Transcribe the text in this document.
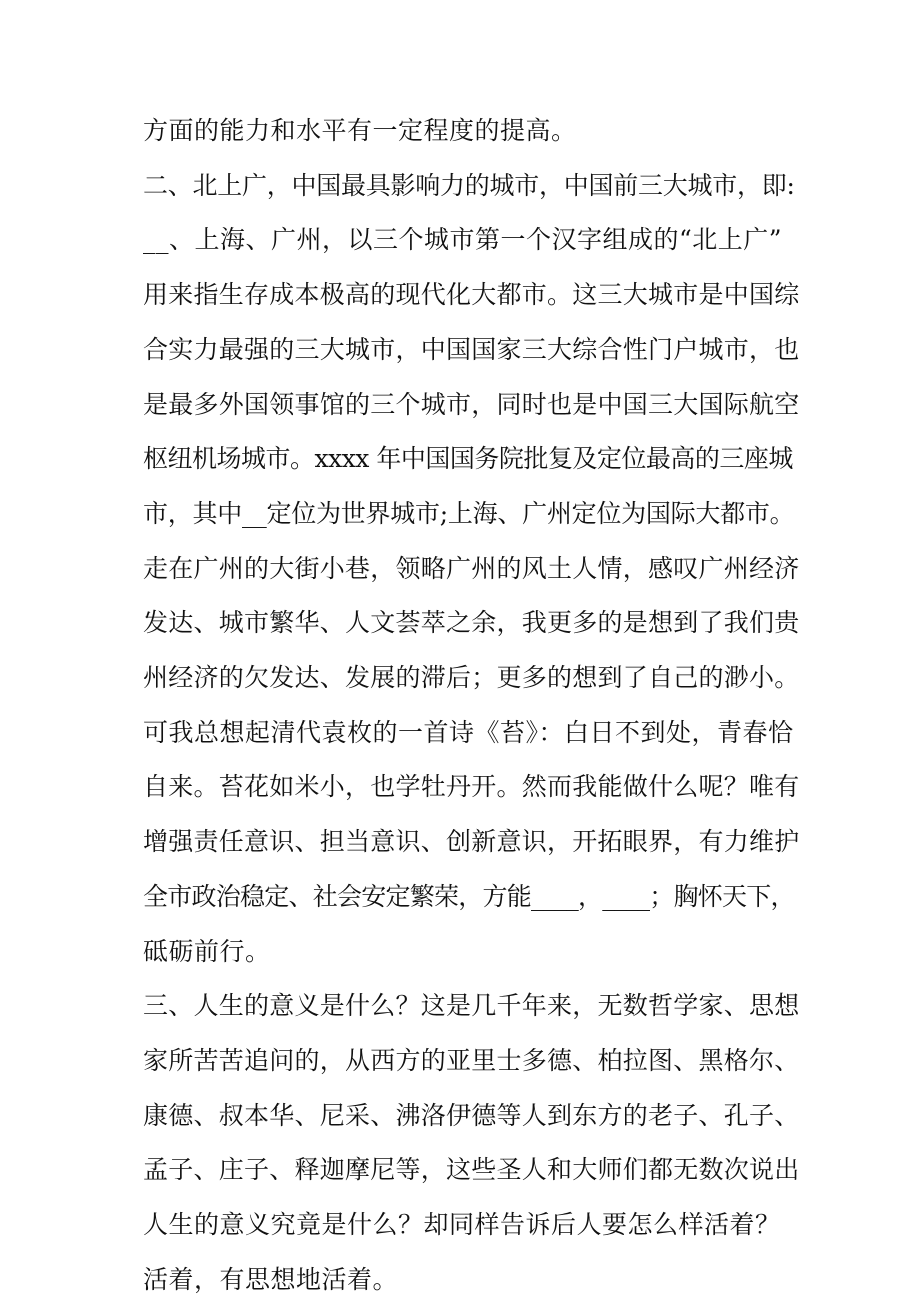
方面的能力和水平有一定程度的提高。
二、北上广，中国最具影响力的城市，中国前三大城市，即:
__、上海、广州，以三个城市第一个汉字组成的“北上广”
用来指生存成本极高的现代化大都市。这三大城市是中国综
合实力最强的三大城市，中国国家三大综合性门户城市，也
是最多外国领事馆的三个城市，同时也是中国三大国际航空
枢纽机场城市。xxxx 年中国国务院批复及定位最高的三座城
市，其中__定位为世界城市;上海、广州定位为国际大都市。
走在广州的大街小巷，领略广州的风土人情，感叹广州经济
发达、城市繁华、人文荟萃之余，我更多的是想到了我们贵
州经济的欠发达、发展的滞后；更多的想到了自己的渺小。
可我总想起清代袁枚的一首诗《苔》：白日不到处，青春恰
自来。苔花如米小，也学牡丹开。然而我能做什么呢？唯有
增强责任意识、担当意识、创新意识，开拓眼界，有力维护
全市政治稳定、社会安定繁荣，方能____，____；胸怀天下，
砥砺前行。
三、人生的意义是什么？这是几千年来，无数哲学家、思想
家所苦苦追问的，从西方的亚里士多德、柏拉图、黑格尔、
康德、叔本华、尼采、沸洛伊德等人到东方的老子、孔子、
孟子、庄子、释迦摩尼等，这些圣人和大师们都无数次说出
人生的意义究竟是什么？却同样告诉后人要怎么样活着？
活着，有思想地活着。
